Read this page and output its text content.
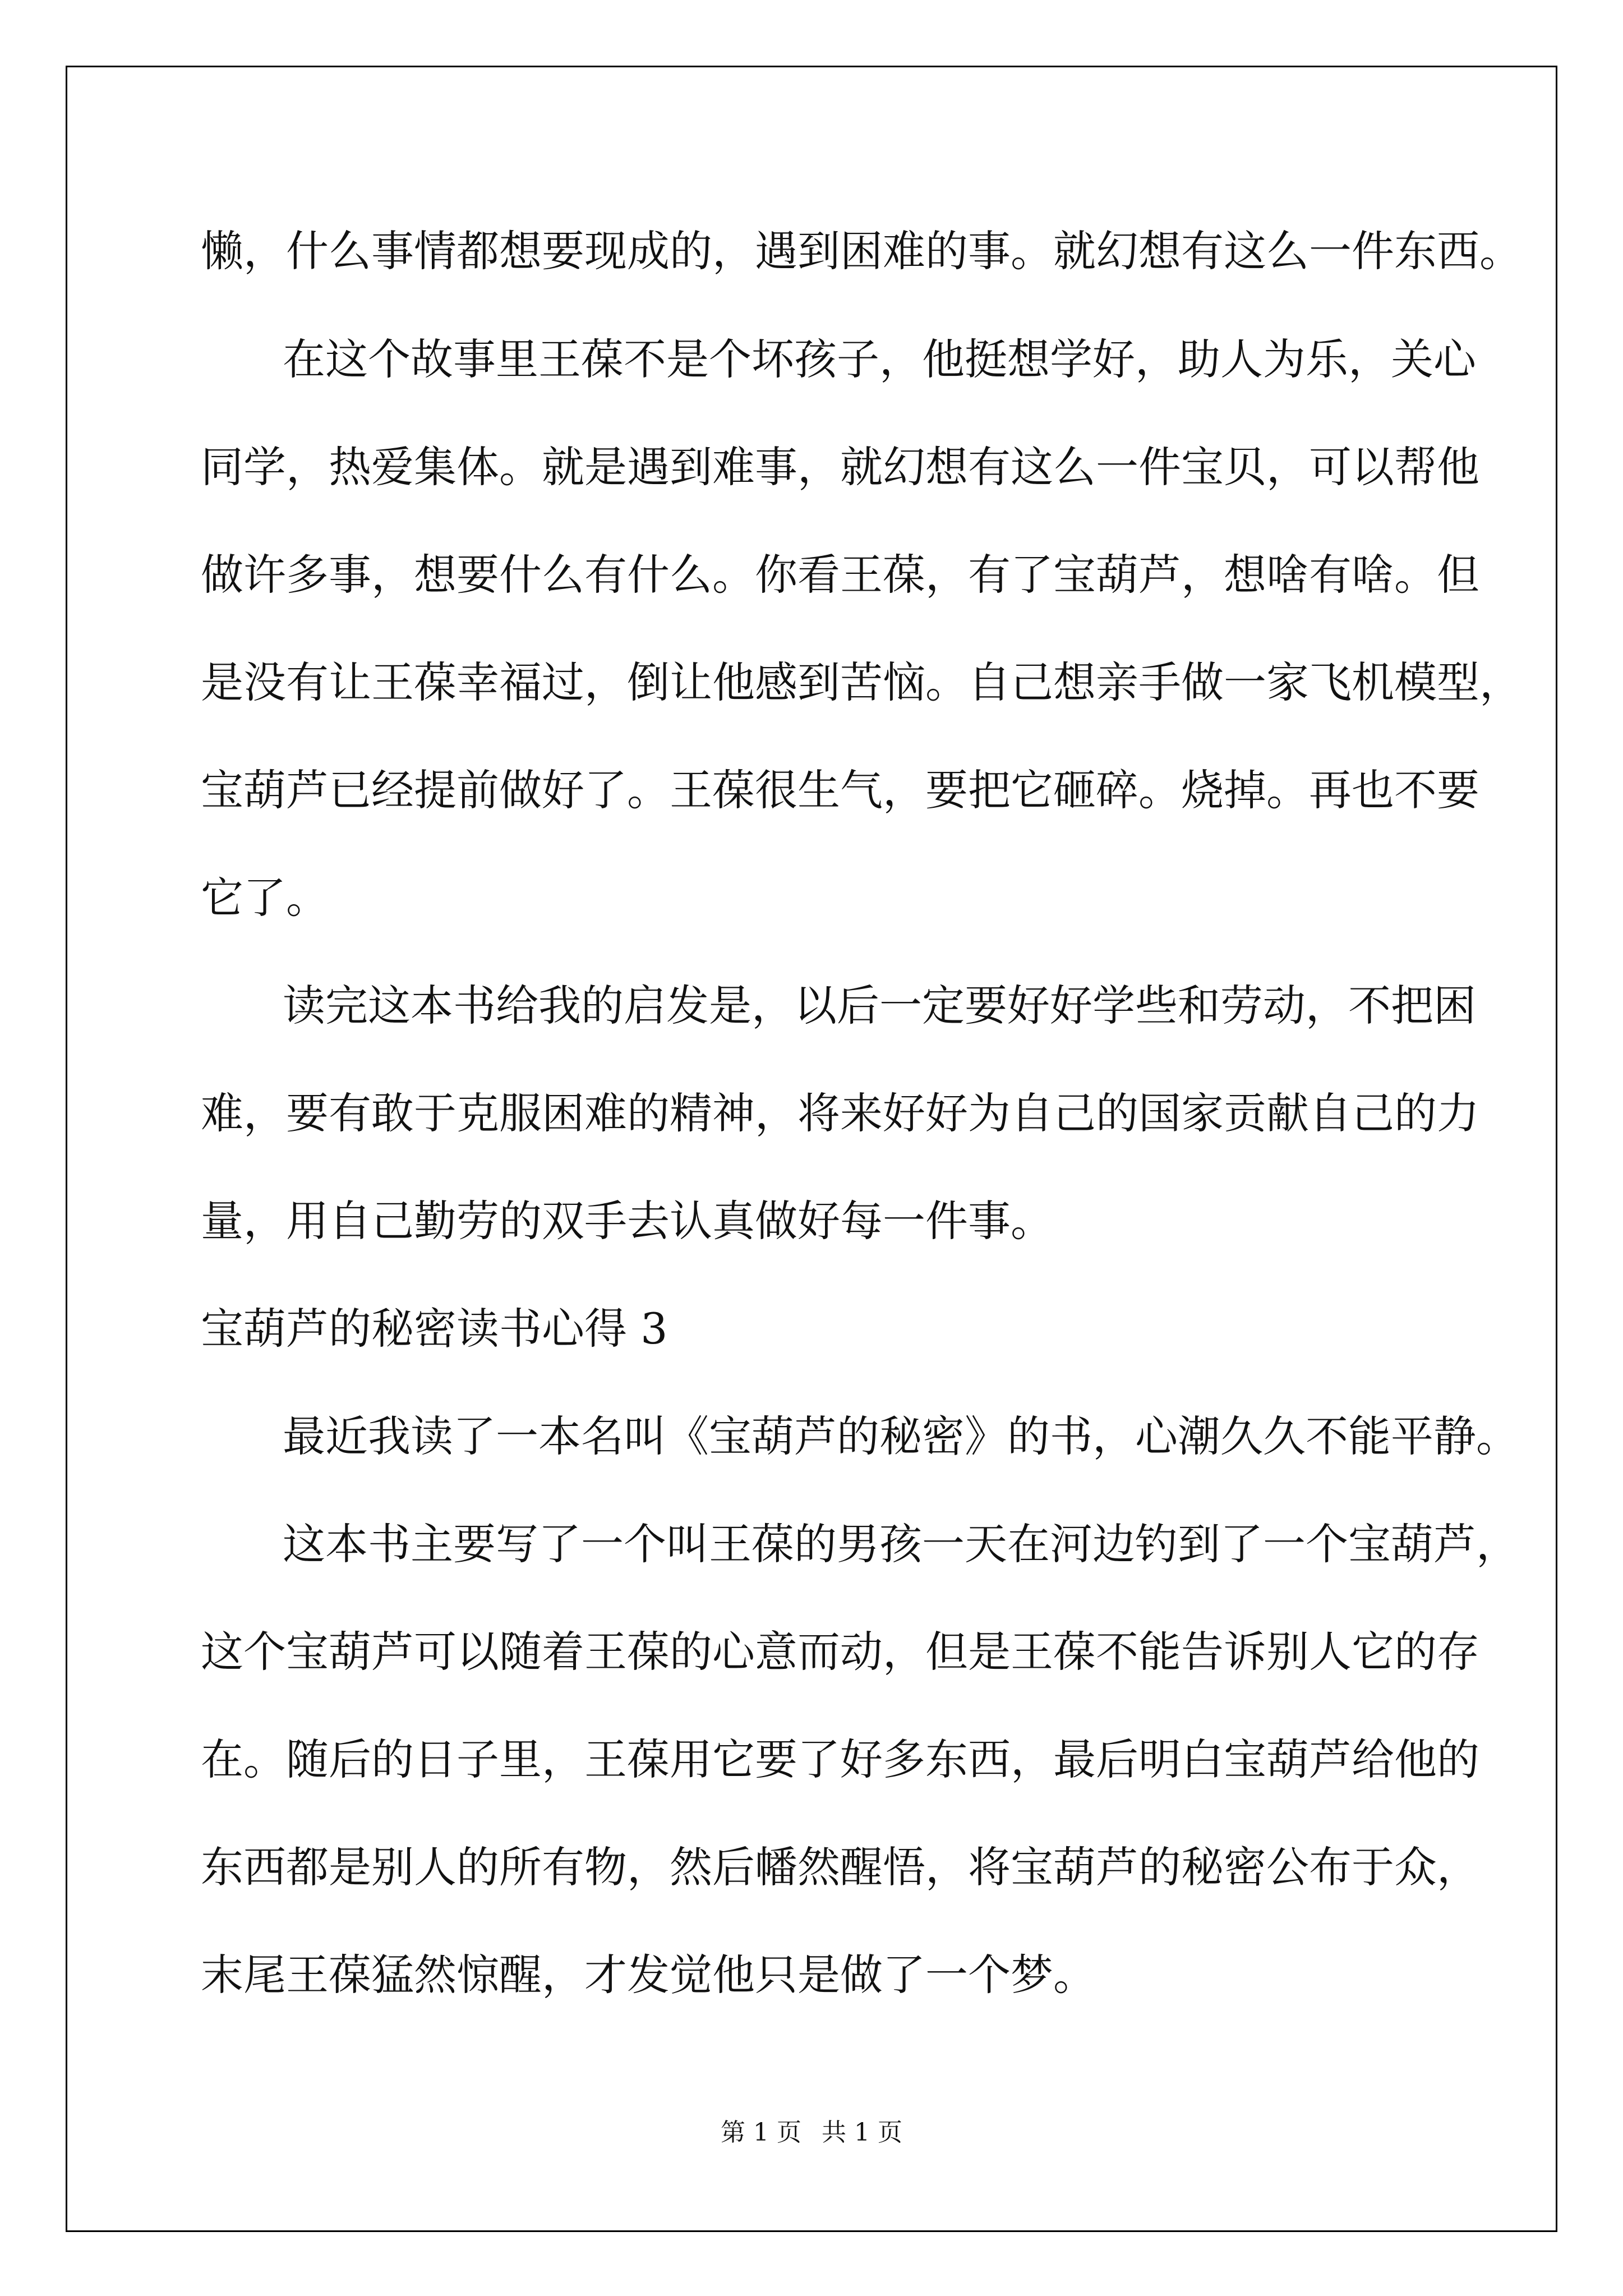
懒，什么事情都想要现成的，遇到困难的事。就幻想有这么一件东西。
在这个故事里王葆不是个坏孩子，他挺想学好，助人为乐，关心
同学，热爱集体。就是遇到难事，就幻想有这么一件宝贝，可以帮他
做许多事，想要什么有什么。你看王葆，有了宝葫芦，想啥有啥。但
是没有让王葆幸福过，倒让他感到苦恼。自己想亲手做一家飞机模型，
宝葫芦已经提前做好了。王葆很生气，要把它砸碎。烧掉。再也不要
它了。
读完这本书给我的启发是，以后一定要好好学些和劳动，不把困
难，要有敢于克服困难的精神，将来好好为自己的国家贡献自己的力
量，用自己勤劳的双手去认真做好每一件事。
宝葫芦的秘密读书心得 3
最近我读了一本名叫《宝葫芦的秘密》的书，心潮久久不能平静。
这本书主要写了一个叫王葆的男孩一天在河边钓到了一个宝葫芦，
这个宝葫芦可以随着王葆的心意而动，但是王葆不能告诉别人它的存
在。随后的日子里，王葆用它要了好多东西，最后明白宝葫芦给他的
东西都是别人的所有物，然后幡然醒悟，将宝葫芦的秘密公布于众，
末尾王葆猛然惊醒，才发觉他只是做了一个梦。
第 1 页 共 1 页
